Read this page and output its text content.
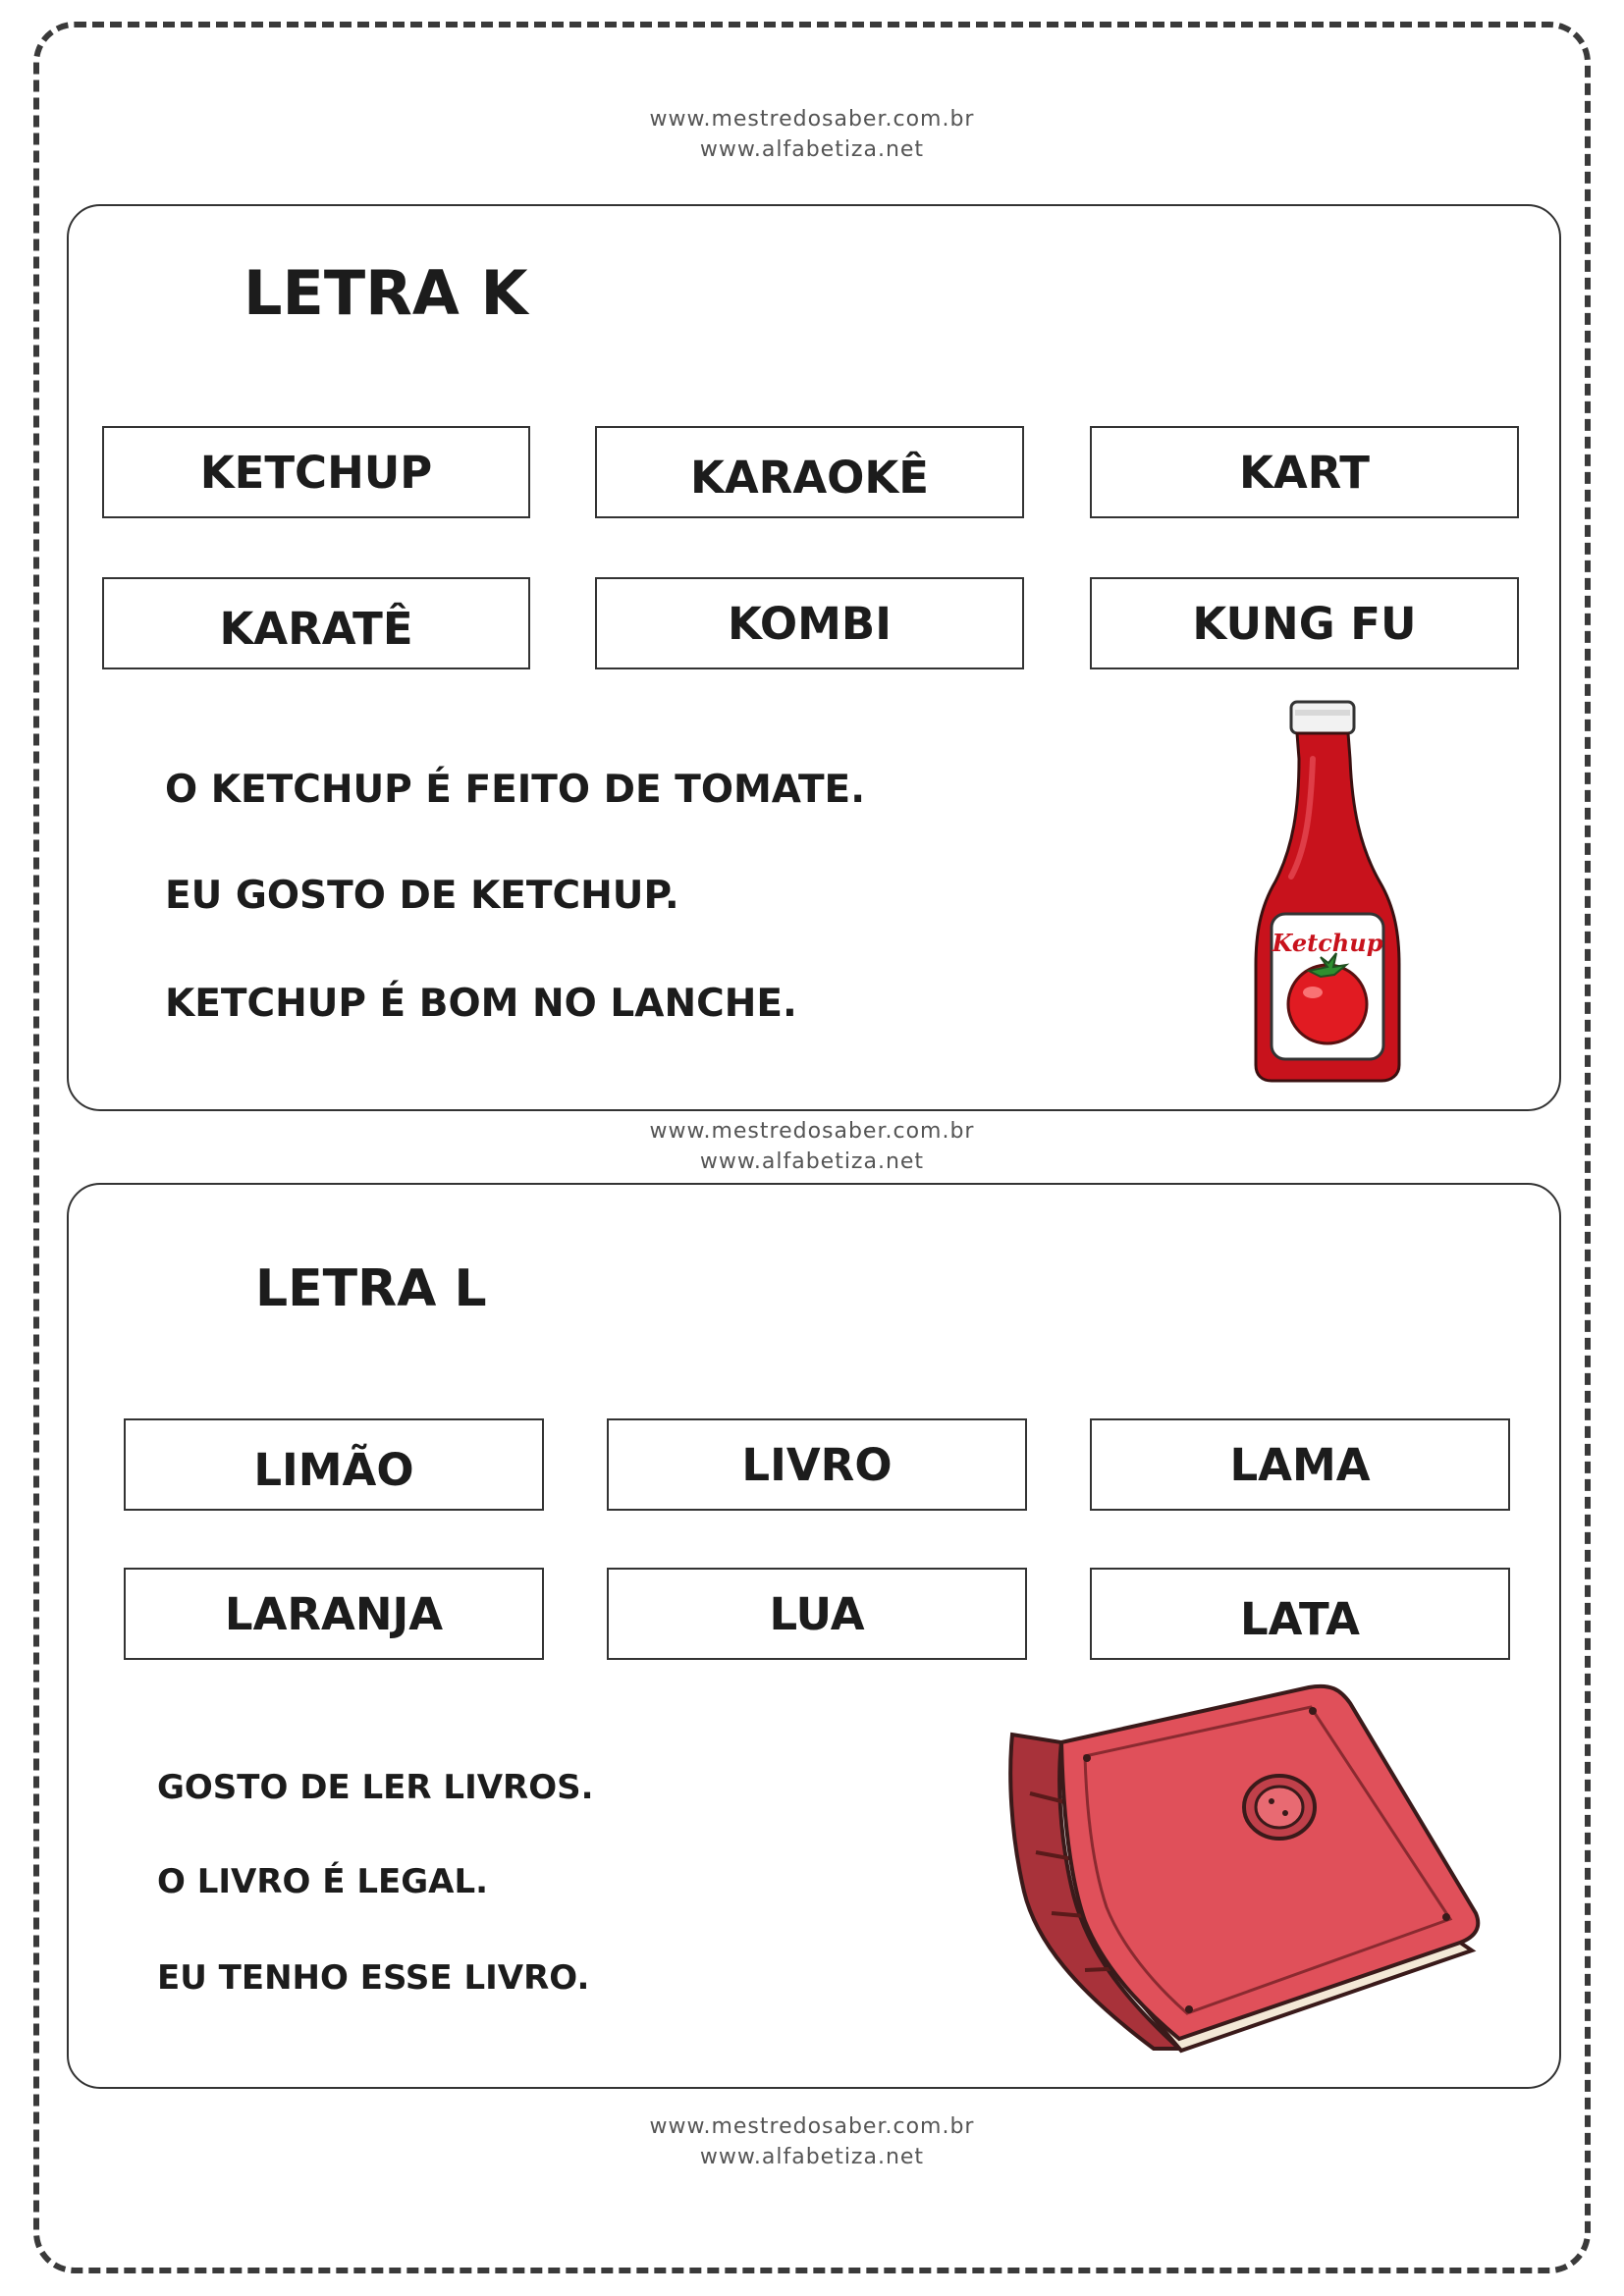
www.mestredosaber.com.br
www.alfabetiza.net
LETRA K
KETCHUP	KARAOKÊ	KART
KARATÊ	KOMBI	KUNG FU
O KETCHUP É FEITO DE TOMATE.
EU GOSTO DE KETCHUP.
KETCHUP É BOM NO LANCHE.
Ketchup
www.mestredosaber.com.br
www.alfabetiza.net
LETRA L
LIMÃO	LIVRO	LAMA
LARANJA	LUA	LATA
GOSTO DE LER LIVROS.
O LIVRO É LEGAL.
EU TENHO ESSE LIVRO.
www.mestredosaber.com.br
www.alfabetiza.net
